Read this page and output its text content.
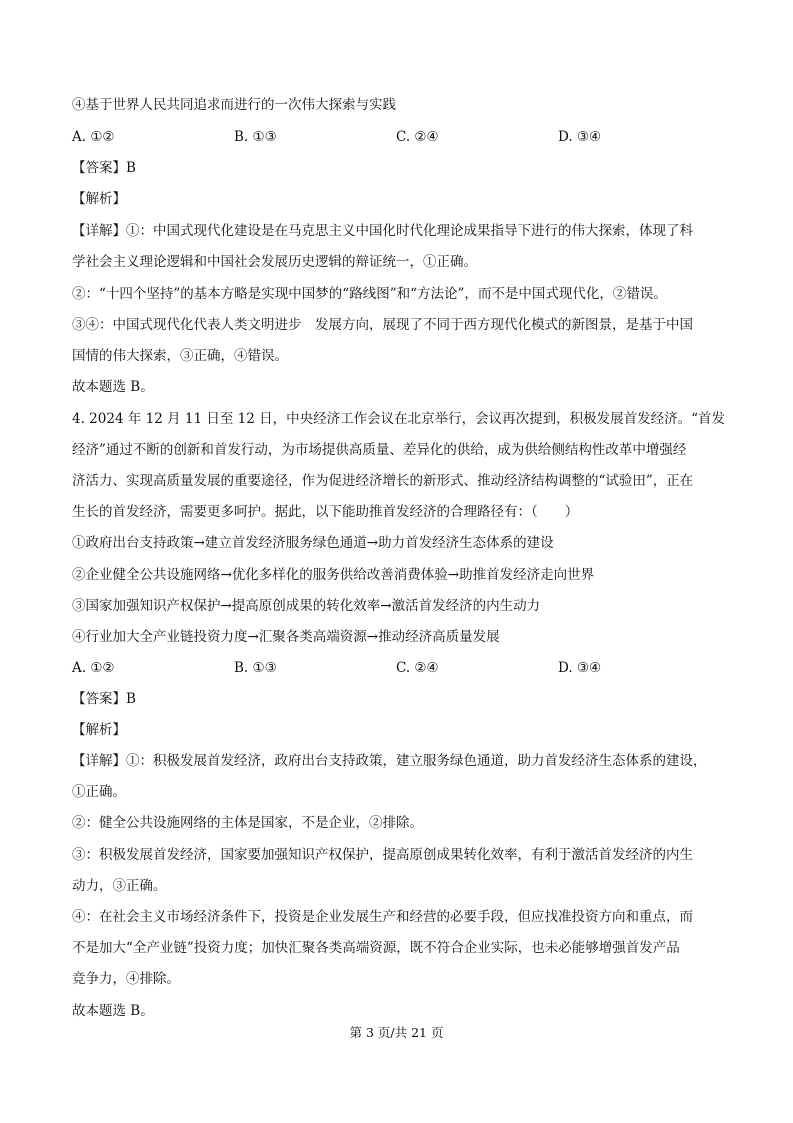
④基于世界人民共同追求而进行的一次伟大探索与实践
A. ①②	B. ①③	C. ②④	D. ③④
【答案】B
【解析】
【详解】①：中国式现代化建设是在马克思主义中国化时代化理论成果指导下进行的伟大探索，体现了科
学社会主义理论逻辑和中国社会发展历史逻辑的辩证统一，①正确。
②：“十四个坚持”的基本方略是实现中国梦的“路线图”和“方法论”，而不是中国式现代化，②错误。
③④：中国式现代化代表人类文明进步　发展方向，展现了不同于西方现代化模式的新图景，是基于中国
国情的伟大探索，③正确，④错误。
故本题选 B。
4. 2024 年 12 月 11 日至 12 日，中央经济工作会议在北京举行，会议再次提到，积极发展首发经济。“首发
经济”通过不断的创新和首发行动，为市场提供高质量、差异化的供给，成为供给侧结构性改革中增强经
济活力、实现高质量发展的重要途径，作为促进经济增长的新形式、推动经济结构调整的“试验田”，正在
生长的首发经济，需要更多呵护。据此，以下能助推首发经济的合理路径有：（　　）
①政府出台支持政策→建立首发经济服务绿色通道→助力首发经济生态体系的建设
②企业健全公共设施网络→优化多样化的服务供给改善消费体验→助推首发经济走向世界
③国家加强知识产权保护→提高原创成果的转化效率→激活首发经济的内生动力
④行业加大全产业链投资力度→汇聚各类高端资源→推动经济高质量发展
A. ①②	B. ①③	C. ②④	D. ③④
【答案】B
【解析】
【详解】①：积极发展首发经济，政府出台支持政策，建立服务绿色通道，助力首发经济生态体系的建设，
①正确。
②：健全公共设施网络的主体是国家，不是企业，②排除。
③：积极发展首发经济，国家要加强知识产权保护，提高原创成果转化效率，有利于激活首发经济的内生
动力，③正确。
④：在社会主义市场经济条件下，投资是企业发展生产和经营的必要手段，但应找准投资方向和重点，而
不是加大“全产业链”投资力度；加快汇聚各类高端资源，既不符合企业实际，也未必能够增强首发产品
竞争力，④排除。
故本题选 B。
第 3 页/共 21 页
